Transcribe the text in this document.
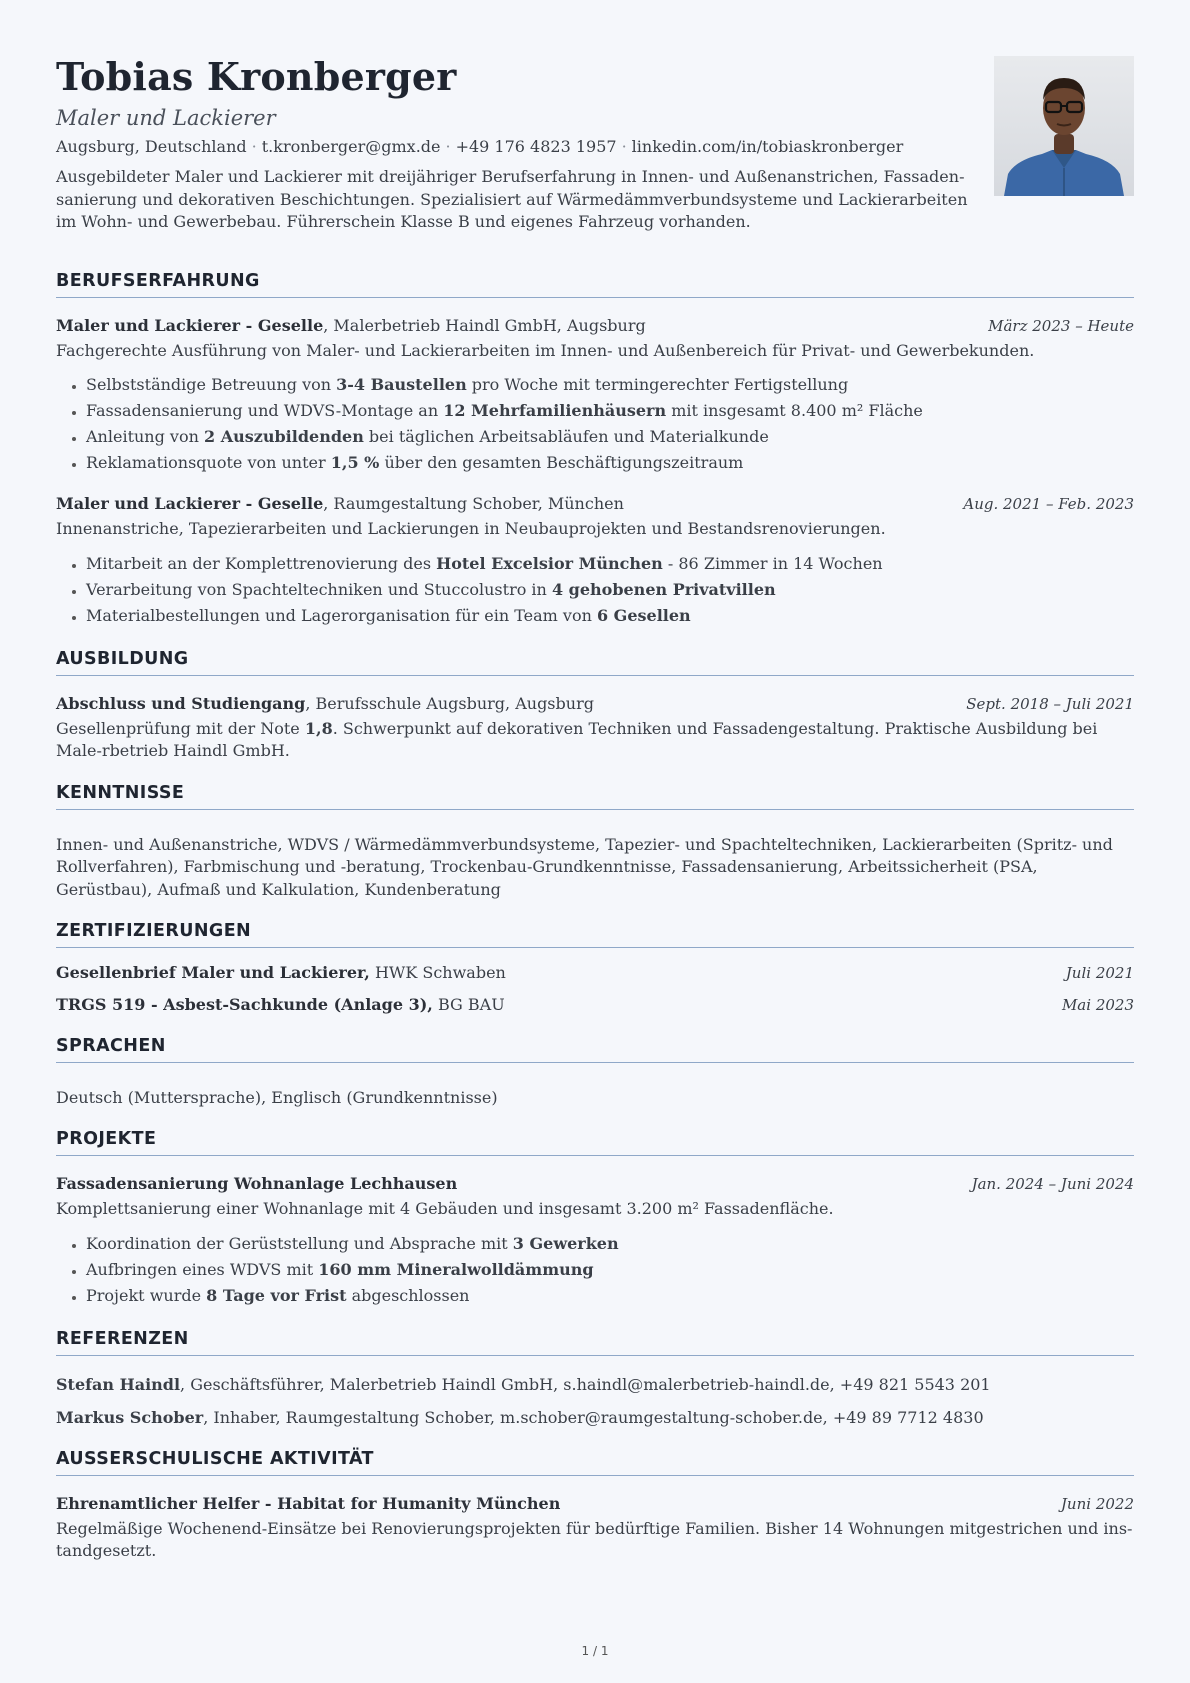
Tobias Kronberger
Maler und Lackierer
Augsburg, Deutschland · t.kronberger@gmx.de · +49 176 4823 1957 · linkedin.com/in/tobiaskronberger
Ausgebildeter Maler und Lackierer mit dreijähriger Berufserfahrung in Innen- und Außenanstrichen, Fassaden-sanierung und dekorativen Beschichtungen. Spezialisiert auf Wärmedämmverbundsysteme und Lackierarbeiten im Wohn- und Gewerbebau. Führerschein Klasse B und eigenes Fahrzeug vorhanden.
BERUFSERFAHRUNG
Maler und Lackierer - Geselle, Malerbetrieb Haindl GmbH, Augsburg	März 2023 – Heute
Fachgerechte Ausführung von Maler- und Lackierarbeiten im Innen- und Außenbereich für Privat- und Gewerbekunden.
• Selbstständige Betreuung von 3-4 Baustellen pro Woche mit termingerechter Fertigstellung
• Fassadensanierung und WDVS-Montage an 12 Mehrfamilienhäusern mit insgesamt 8.400 m² Fläche
• Anleitung von 2 Auszubildenden bei täglichen Arbeitsabläufen und Materialkunde
• Reklamationsquote von unter 1,5 % über den gesamten Beschäftigungszeitraum
Maler und Lackierer - Geselle, Raumgestaltung Schober, München	Aug. 2021 – Feb. 2023
Innenanstriche, Tapezierarbeiten und Lackierungen in Neubauprojekten und Bestandsrenovierungen.
• Mitarbeit an der Komplettrenovierung des Hotel Excelsior München - 86 Zimmer in 14 Wochen
• Verarbeitung von Spachteltechniken und Stuccolustro in 4 gehobenen Privatvillen
• Materialbestellungen und Lagerorganisation für ein Team von 6 Gesellen
AUSBILDUNG
Abschluss und Studiengang, Berufsschule Augsburg, Augsburg	Sept. 2018 – Juli 2021
Gesellenprüfung mit der Note 1,8. Schwerpunkt auf dekorativen Techniken und Fassadengestaltung. Praktische Ausbildung bei Male-rbetrieb Haindl GmbH.
KENNTNISSE
Innen- und Außenanstriche, WDVS / Wärmedämmverbundsysteme, Tapezier- und Spachteltechniken, Lackierarbeiten (Spritz- und Rollverfahren), Farbmischung und -beratung, Trockenbau-Grundkenntnisse, Fassadensanierung, Arbeitssicherheit (PSA, Gerüstbau), Aufmaß und Kalkulation, Kundenberatung
ZERTIFIZIERUNGEN
Gesellenbrief Maler und Lackierer, HWK Schwaben	Juli 2021
TRGS 519 - Asbest-Sachkunde (Anlage 3), BG BAU	Mai 2023
SPRACHEN
Deutsch (Muttersprache), Englisch (Grundkenntnisse)
PROJEKTE
Fassadensanierung Wohnanlage Lechhausen	Jan. 2024 – Juni 2024
Komplettsanierung einer Wohnanlage mit 4 Gebäuden und insgesamt 3.200 m² Fassadenfläche.
• Koordination der Gerüststellung und Absprache mit 3 Gewerken
• Aufbringen eines WDVS mit 160 mm Mineralwolldämmung
• Projekt wurde 8 Tage vor Frist abgeschlossen
REFERENZEN
Stefan Haindl, Geschäftsführer, Malerbetrieb Haindl GmbH, s.haindl@malerbetrieb-haindl.de, +49 821 5543 201
Markus Schober, Inhaber, Raumgestaltung Schober, m.schober@raumgestaltung-schober.de, +49 89 7712 4830
AUSSERSCHULISCHE AKTIVITÄT
Ehrenamtlicher Helfer - Habitat for Humanity München	Juni 2022
Regelmäßige Wochenend-Einsätze bei Renovierungsprojekten für bedürftige Familien. Bisher 14 Wohnungen mitgestrichen und ins-tandgesetzt.
1 / 1
